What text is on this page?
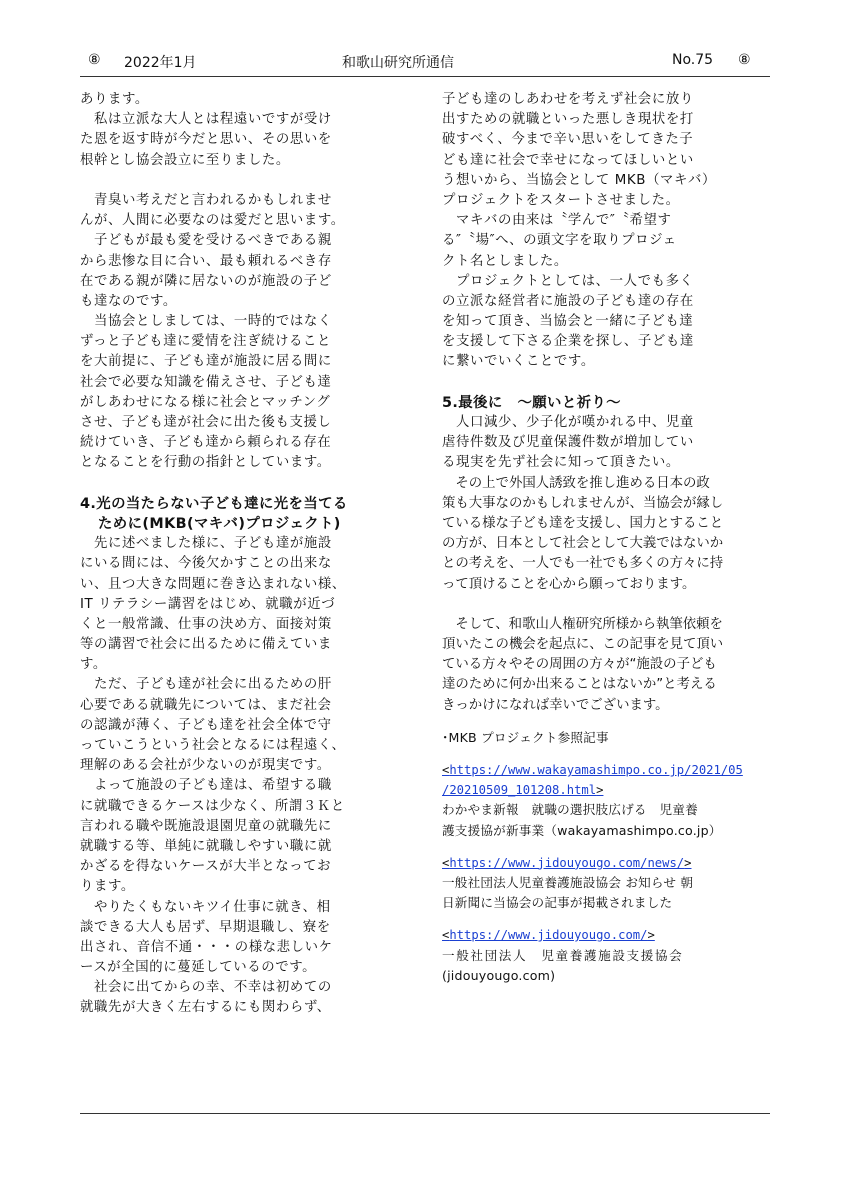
⑧ 2022年1月	和歌山研究所通信	No.75 ⑧
あります。
　私は立派な大人とは程遠いですが受け
た恩を返す時が今だと思い、その思いを
根幹とし協会設立に至りました。
　青臭い考えだと言われるかもしれませ
んが、人間に必要なのは愛だと思います。
　子どもが最も愛を受けるべきである親
から悲惨な目に合い、最も頼れるべき存
在である親が隣に居ないのが施設の子ど
も達なのです。
　当協会としましては、一時的ではなく
ずっと子ども達に愛情を注ぎ続けること
を大前提に、子ども達が施設に居る間に
社会で必要な知識を備えさせ、子ども達
がしあわせになる様に社会とマッチング
させ、子ども達が社会に出た後も支援し
続けていき、子ども達から頼られる存在
となることを行動の指針としています。
4.光の当たらない子ども達に光を当てる
ために(MKB(マキバ)プロジェクト)
　先に述べました様に、子ども達が施設
にいる間には、今後欠かすことの出来な
い、且つ大きな問題に巻き込まれない様、
IT リテラシー講習をはじめ、就職が近づ
くと一般常識、仕事の決め方、面接対策
等の講習で社会に出るために備えていま
す。
　ただ、子ども達が社会に出るための肝
心要である就職先については、まだ社会
の認識が薄く、子ども達を社会全体で守
っていこうという社会となるには程遠く、
理解のある会社が少ないのが現実です。
　よって施設の子ども達は、希望する職
に就職できるケースは少なく、所謂３Ｋと
言われる職や既施設退園児童の就職先に
就職する等、単純に就職しやすい職に就
かざるを得ないケースが大半となってお
ります。
　やりたくもないキツイ仕事に就き、相
談できる大人も居ず、早期退職し、寮を
出され、音信不通・・・の様な悲しいケ
ースが全国的に蔓延しているのです。
　社会に出てからの幸、不幸は初めての
就職先が大きく左右するにも関わらず、
子ども達のしあわせを考えず社会に放り
出すための就職といった悪しき現状を打
破すべく、今まで辛い思いをしてきた子
ども達に社会で幸せになってほしいとい
う想いから、当協会として MKB（マキバ）
プロジェクトをスタートさせました。
　マキバの由来は〝学んで″〝希望す
る″〝場″へ、の頭文字を取りプロジェ
クト名としました。
　プロジェクトとしては、一人でも多く
の立派な経営者に施設の子ども達の存在
を知って頂き、当協会と一緒に子ども達
を支援して下さる企業を探し、子ども達
に繋いでいくことです。
5.最後に　～願いと祈り～
　人口減少、少子化が嘆かれる中、児童
虐待件数及び児童保護件数が増加してい
る現実を先ず社会に知って頂きたい。
　その上で外国人誘致を推し進める日本の政
策も大事なのかもしれませんが、当協会が縁し
ている様な子ども達を支援し、国力とすること
の方が、日本として社会として大義ではないか
との考えを、一人でも一社でも多くの方々に持
って頂けることを心から願っております。
　そして、和歌山人権研究所様から執筆依頼を
頂いたこの機会を起点に、この記事を見て頂い
ている方々やその周囲の方々が“施設の子ども
達のために何か出来ることはないか”と考える
きっかけになれば幸いでございます。
･MKB プロジェクト参照記事
<https://www.wakayamashimpo.co.jp/2021/05
/20210509_101208.html>
わかやま新報　就職の選択肢広げる　児童養
護支援協が新事業（wakayamashimpo.co.jp）
<https://www.jidouyougo.com/news/>
一般社団法人児童養護施設協会 お知らせ 朝
日新聞に当協会の記事が掲載されました
<https://www.jidouyougo.com/>
一般社団法人　児童養護施設支援協会
(jidouyougo.com)
